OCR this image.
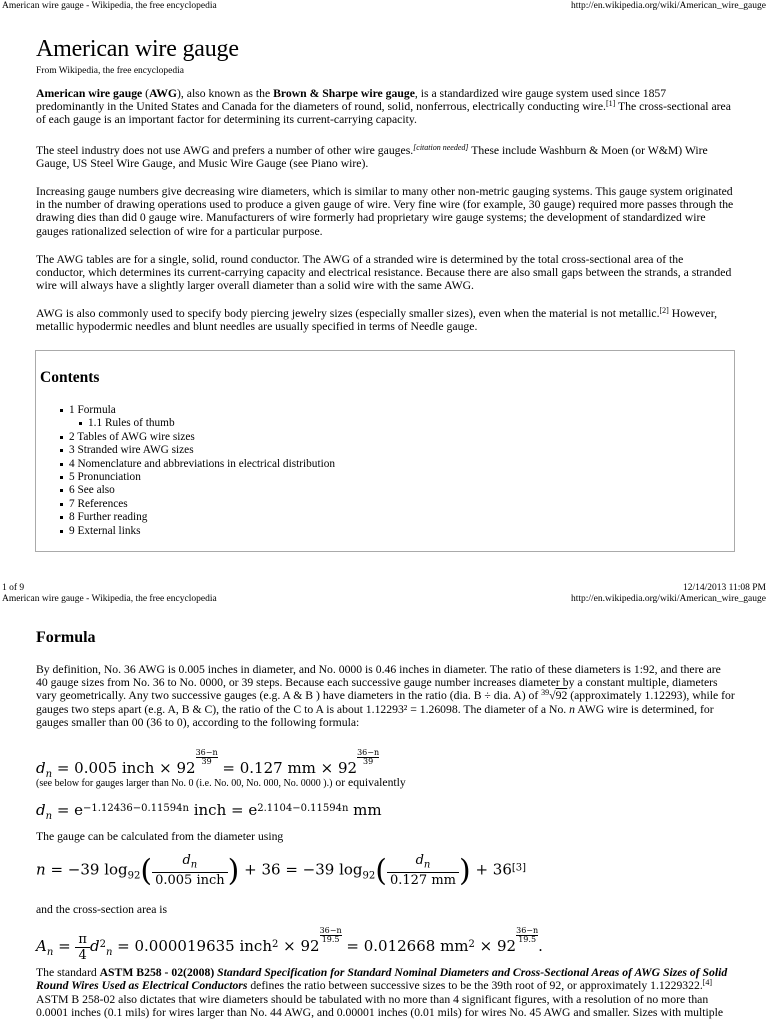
American wire gauge - Wikipedia, the free encyclopedia	http://en.wikipedia.org/wiki/American_wire_gauge
American wire gauge
From Wikipedia, the free encyclopedia

American wire gauge (AWG), also known as the Brown & Sharpe wire gauge, is a standardized wire gauge system used since 1857 predominantly in the United States and Canada for the diameters of round, solid, nonferrous, electrically conducting wire.[1] The cross-sectional area of each gauge is an important factor for determining its current-carrying capacity.

The steel industry does not use AWG and prefers a number of other wire gauges.[citation needed] These include Washburn & Moen (or W&M) Wire Gauge, US Steel Wire Gauge, and Music Wire Gauge (see Piano wire).

Increasing gauge numbers give decreasing wire diameters, which is similar to many other non-metric gauging systems. This gauge system originated in the number of drawing operations used to produce a given gauge of wire. Very fine wire (for example, 30 gauge) required more passes through the drawing dies than did 0 gauge wire. Manufacturers of wire formerly had proprietary wire gauge systems; the development of standardized wire gauges rationalized selection of wire for a particular purpose.

The AWG tables are for a single, solid, round conductor. The AWG of a stranded wire is determined by the total cross-sectional area of the conductor, which determines its current-carrying capacity and electrical resistance. Because there are also small gaps between the strands, a stranded wire will always have a slightly larger overall diameter than a solid wire with the same AWG.

AWG is also commonly used to specify body piercing jewelry sizes (especially smaller sizes), even when the material is not metallic.[2] However, metallic hypodermic needles and blunt needles are usually specified in terms of Needle gauge.

Contents
1 Formula
1.1 Rules of thumb
2 Tables of AWG wire sizes
3 Stranded wire AWG sizes
4 Nomenclature and abbreviations in electrical distribution
5 Pronunciation
6 See also
7 References
8 Further reading
9 External links
1 of 9	12/14/2013 11:08 PM
American wire gauge - Wikipedia, the free encyclopedia	http://en.wikipedia.org/wiki/American_wire_gauge
Formula

By definition, No. 36 AWG is 0.005 inches in diameter, and No. 0000 is 0.46 inches in diameter. The ratio of these diameters is 1:92, and there are 40 gauge sizes from No. 36 to No. 0000, or 39 steps. Because each successive gauge number increases diameter by a constant multiple, diameters vary geometrically. Any two successive gauges (e.g. A & B ) have diameters in the ratio (dia. B ÷ dia. A) of $^{39}$√92 (approximately 1.12293), while for gauges two steps apart (e.g. A, B & C), the ratio of the C to A is about 1.12293² = 1.26098. The diameter of a No. n AWG wire is determined, for gauges smaller than 00 (36 to 0), according to the following formula:

$d_n = 0.005$ inch × 92
$\frac{36-n}{39}$
= 0.127 mm × 92
$\frac{36-n}{39}$

(see below for gauges larger than No. 0 (i.e. No. 00, No. 000, No. 0000 ).) or equivalently

$d_n = e^{-1.12436-0.11594n}$ inch = $e^{2.1104-0.11594n}$ mm

The gauge can be calculated from the diameter using

n = −39 $\log_{92}( \frac{d_n}{\text{0.005 inch}}$ ) + 36 = −39 $\log_{92}( \frac{d_n}{0.127 mm}$ ) + 36[3]

and the cross-section area is

$A_n = \frac{\pi}{4} d^2_n = 0.000019635$ inch$^2$ × 92
$\frac{36-n}{19.5}$
= 0.012668 $mm^2 \times 92$
$\frac{36-n}{19.5}$
.

The standard ASTM B258 - 02(2008) Standard Specification for Standard Nominal Diameters and Cross-Sectional Areas of AWG Sizes of Solid Round Wires Used as Electrical Conductors defines the ratio between successive sizes to be the 39th root of 92, or approximately 1.1229322.[4]

ASTM B 258-02 also dictates that wire diameters should be tabulated with no more than 4 significant figures, with a resolution of no more than 0.0001 inches (0.1 mils) for wires larger than No. 44 AWG, and 0.00001 inches (0.01 mils) for wires No. 45 AWG and smaller. Sizes with multiple
